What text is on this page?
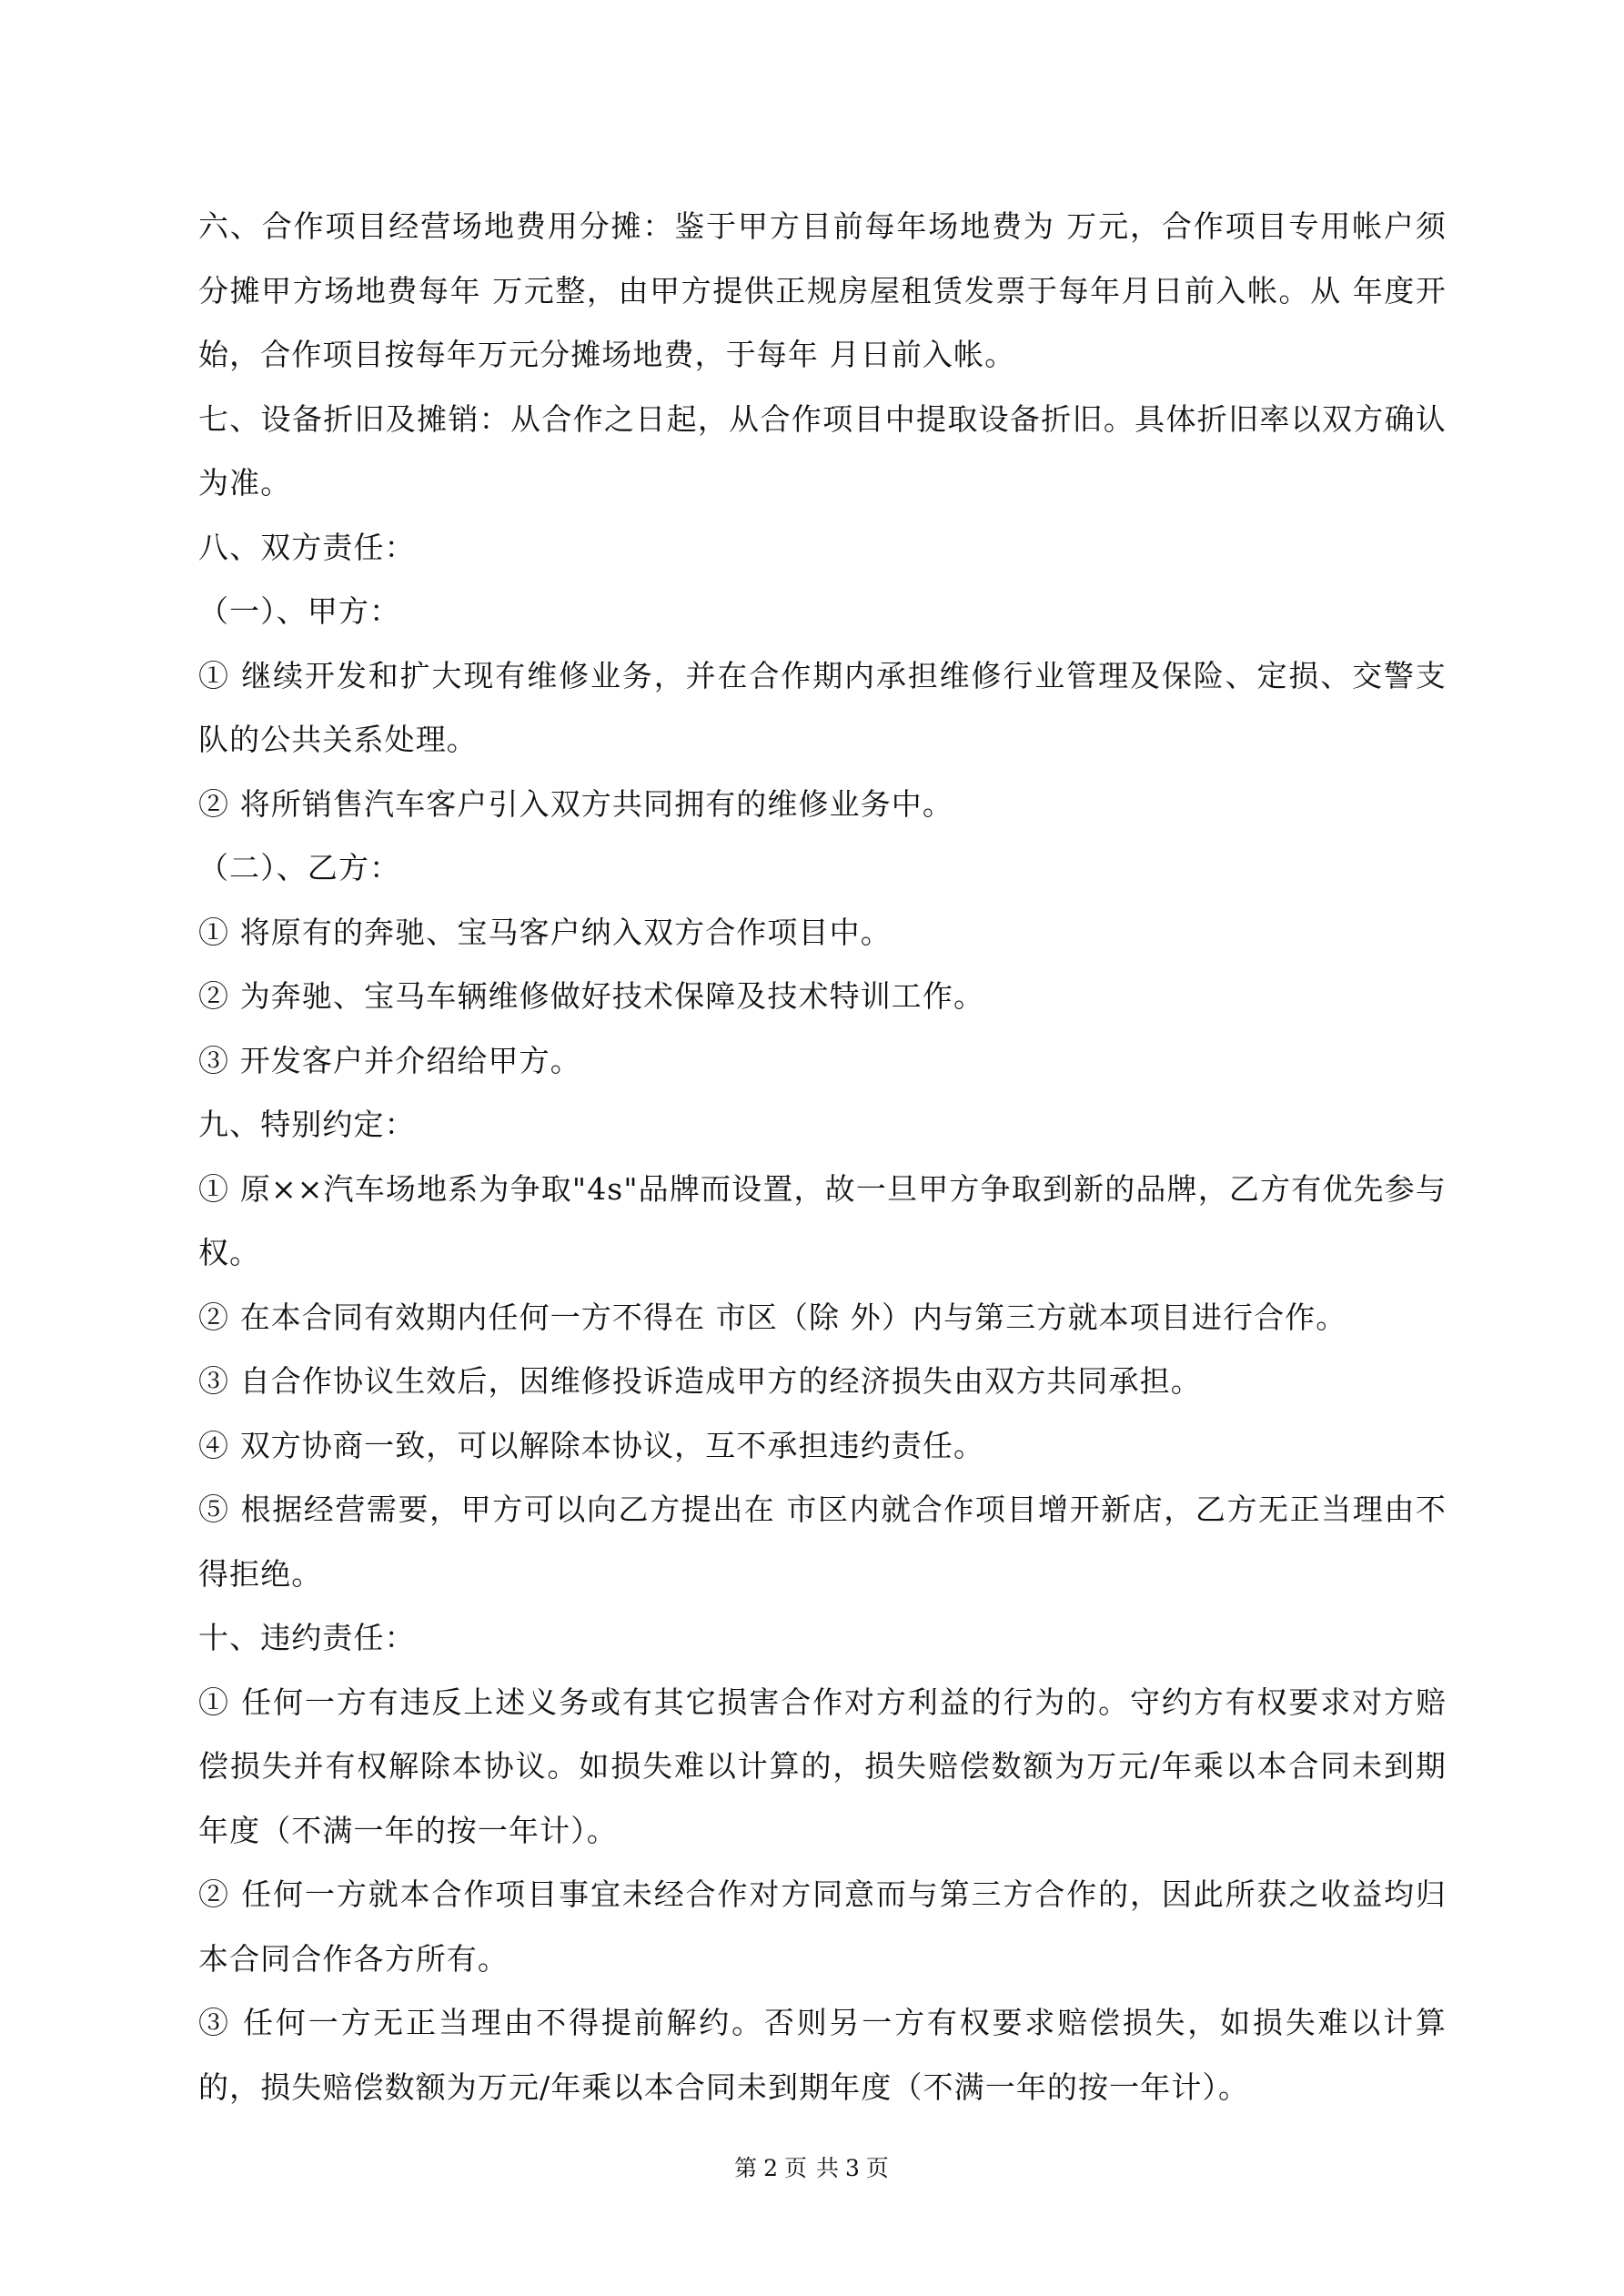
六、合作项目经营场地费用分摊：鉴于甲方目前每年场地费为 万元，合作项目专用帐户须分摊甲方场地费每年 万元整，由甲方提供正规房屋租赁发票于每年月日前入帐。从 年度开始，合作项目按每年万元分摊场地费，于每年 月日前入帐。

七、设备折旧及摊销：从合作之日起，从合作项目中提取设备折旧。具体折旧率以双方确认为准。

八、双方责任：

（一）、甲方：

① 继续开发和扩大现有维修业务，并在合作期内承担维修行业管理及保险、定损、交警支队的公共关系处理。

② 将所销售汽车客户引入双方共同拥有的维修业务中。

（二）、乙方：

① 将原有的奔驰、宝马客户纳入双方合作项目中。

② 为奔驰、宝马车辆维修做好技术保障及技术特训工作。

③ 开发客户并介绍给甲方。

九、特别约定：

① 原××汽车场地系为争取"4s"品牌而设置，故一旦甲方争取到新的品牌，乙方有优先参与权。

② 在本合同有效期内任何一方不得在 市区（除 外）内与第三方就本项目进行合作。

③ 自合作协议生效后，因维修投诉造成甲方的经济损失由双方共同承担。

④ 双方协商一致，可以解除本协议，互不承担违约责任。

⑤ 根据经营需要，甲方可以向乙方提出在 市区内就合作项目增开新店，乙方无正当理由不得拒绝。

十、违约责任：

① 任何一方有违反上述义务或有其它损害合作对方利益的行为的。守约方有权要求对方赔偿损失并有权解除本协议。如损失难以计算的，损失赔偿数额为万元/年乘以本合同未到期年度（不满一年的按一年计）。

② 任何一方就本合作项目事宜未经合作对方同意而与第三方合作的，因此所获之收益均归本合同合作各方所有。

③ 任何一方无正当理由不得提前解约。否则另一方有权要求赔偿损失，如损失难以计算的，损失赔偿数额为万元/年乘以本合同未到期年度（不满一年的按一年计）。

第 2 页 共 3 页
